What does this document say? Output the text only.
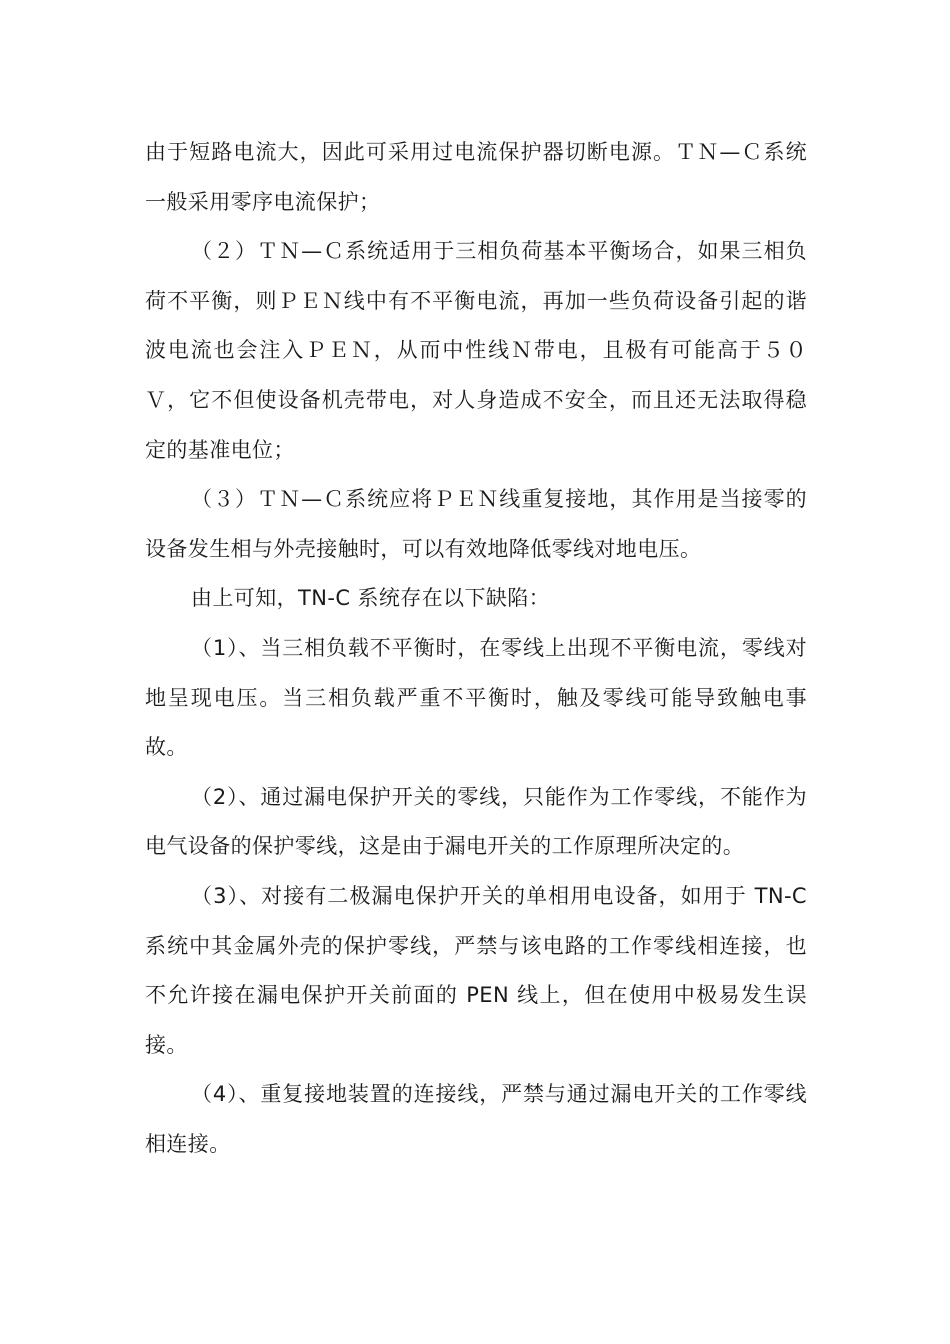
由于短路电流大，因此可采用过电流保护器切断电源。ＴＮ—Ｃ系统一般采用零序电流保护；

（２）ＴＮ—Ｃ系统适用于三相负荷基本平衡场合，如果三相负荷不平衡，则ＰＥＮ线中有不平衡电流，再加一些负荷设备引起的谐波电流也会注入ＰＥＮ，从而中性线Ｎ带电，且极有可能高于５０Ｖ，它不但使设备机壳带电，对人身造成不安全，而且还无法取得稳定的基准电位；

（３）ＴＮ—Ｃ系统应将ＰＥＮ线重复接地，其作用是当接零的设备发生相与外壳接触时，可以有效地降低零线对地电压。

由上可知，TN-C 系统存在以下缺陷：

（1）、当三相负载不平衡时，在零线上出现不平衡电流，零线对地呈现电压。当三相负载严重不平衡时，触及零线可能导致触电事故。

（2）、通过漏电保护开关的零线，只能作为工作零线，不能作为电气设备的保护零线，这是由于漏电开关的工作原理所决定的。

（3）、对接有二极漏电保护开关的单相用电设备，如用于 TN-C 系统中其金属外壳的保护零线，严禁与该电路的工作零线相连接，也不允许接在漏电保护开关前面的 PEN 线上，但在使用中极易发生误接。

（4）、重复接地装置的连接线，严禁与通过漏电开关的工作零线相连接。
